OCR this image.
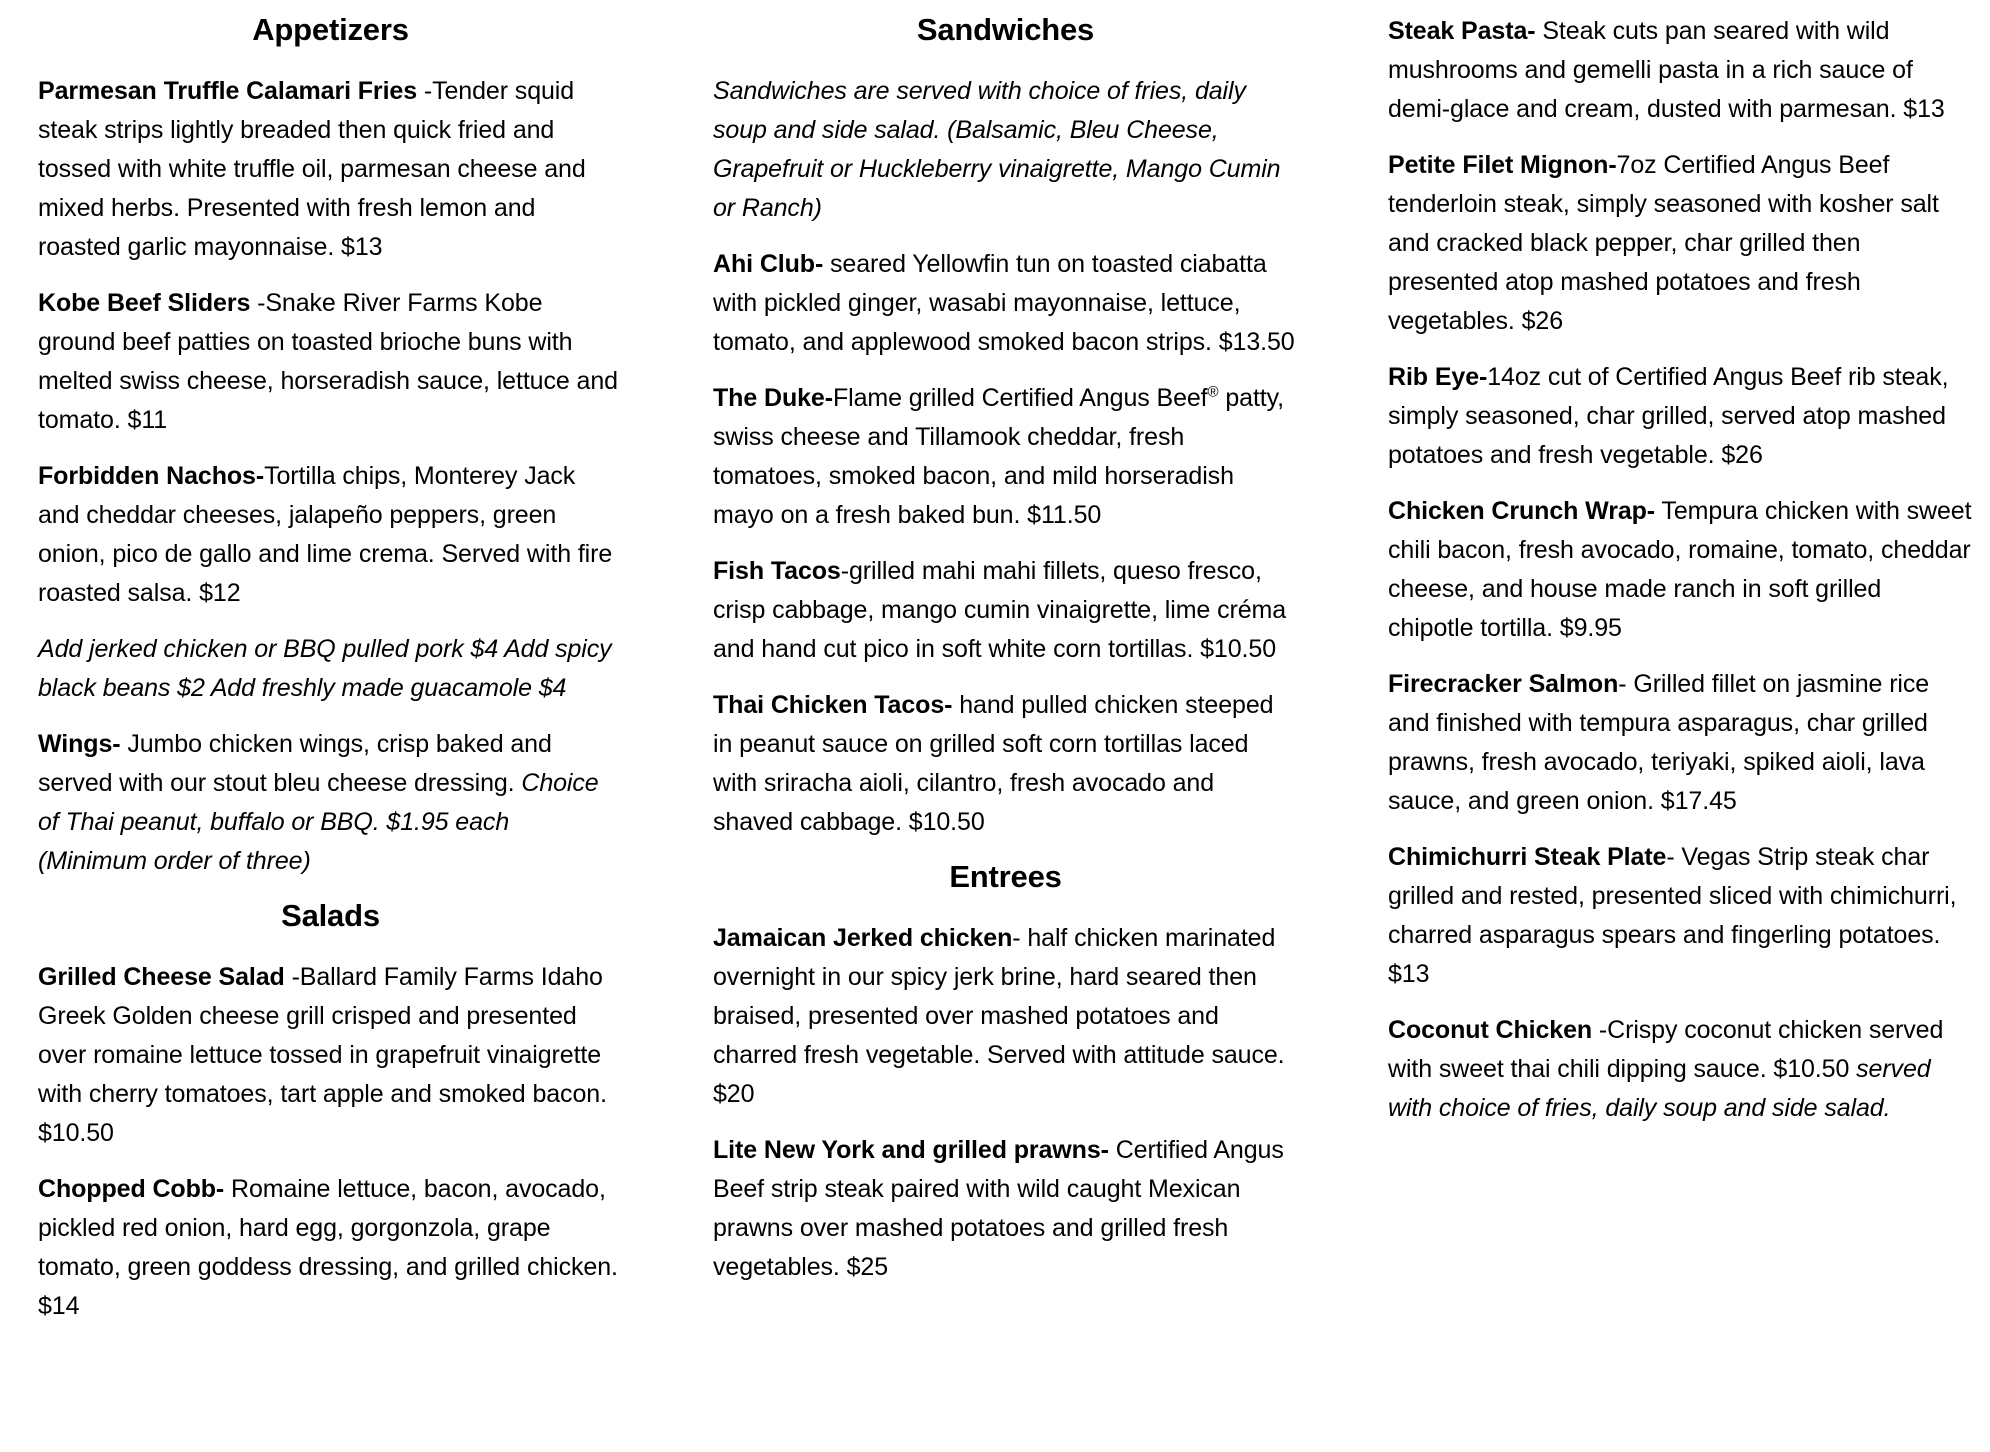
Appetizers

Parmesan Truffle Calamari Fries -Tender squid steak strips lightly breaded then quick fried and tossed with white truffle oil, parmesan cheese and mixed herbs. Presented with fresh lemon and roasted garlic mayonnaise. $13

Kobe Beef Sliders -Snake River Farms Kobe ground beef patties on toasted brioche buns with melted swiss cheese, horseradish sauce, lettuce and tomato. $11

Forbidden Nachos-Tortilla chips, Monterey Jack and cheddar cheeses, jalapeño peppers, green onion, pico de gallo and lime crema. Served with fire roasted salsa. $12

Add jerked chicken or BBQ pulled pork $4 Add spicy black beans $2 Add freshly made guacamole $4

Wings- Jumbo chicken wings, crisp baked and served with our stout bleu cheese dressing. Choice of Thai peanut, buffalo or BBQ. $1.95 each (Minimum order of three)

Salads

Grilled Cheese Salad -Ballard Family Farms Idaho Greek Golden cheese grill crisped and presented over romaine lettuce tossed in grapefruit vinaigrette with cherry tomatoes, tart apple and smoked bacon. $10.50

Chopped Cobb- Romaine lettuce, bacon, avocado, pickled red onion, hard egg, gorgonzola, grape tomato, green goddess dressing, and grilled chicken. $14

Sandwiches

Sandwiches are served with choice of fries, daily soup and side salad. (Balsamic, Bleu Cheese, Grapefruit or Huckleberry vinaigrette, Mango Cumin or Ranch)

Ahi Club- seared Yellowfin tun on toasted ciabatta with pickled ginger, wasabi mayonnaise, lettuce, tomato, and applewood smoked bacon strips. $13.50

The Duke-Flame grilled Certified Angus Beef® patty, swiss cheese and Tillamook cheddar, fresh tomatoes, smoked bacon, and mild horseradish mayo on a fresh baked bun. $11.50

Fish Tacos-grilled mahi mahi fillets, queso fresco, crisp cabbage, mango cumin vinaigrette, lime créma and hand cut pico in soft white corn tortillas. $10.50

Thai Chicken Tacos- hand pulled chicken steeped in peanut sauce on grilled soft corn tortillas laced with sriracha aioli, cilantro, fresh avocado and shaved cabbage. $10.50

Entrees

Jamaican Jerked chicken- half chicken marinated overnight in our spicy jerk brine, hard seared then braised, presented over mashed potatoes and charred fresh vegetable. Served with attitude sauce. $20

Lite New York and grilled prawns- Certified Angus Beef strip steak paired with wild caught Mexican prawns over mashed potatoes and grilled fresh vegetables. $25

Steak Pasta- Steak cuts pan seared with wild mushrooms and gemelli pasta in a rich sauce of demi-glace and cream, dusted with parmesan. $13

Petite Filet Mignon-7oz Certified Angus Beef tenderloin steak, simply seasoned with kosher salt and cracked black pepper, char grilled then presented atop mashed potatoes and fresh vegetables. $26

Rib Eye-14oz cut of Certified Angus Beef rib steak, simply seasoned, char grilled, served atop mashed potatoes and fresh vegetable. $26

Chicken Crunch Wrap- Tempura chicken with sweet chili bacon, fresh avocado, romaine, tomato, cheddar cheese, and house made ranch in soft grilled chipotle tortilla. $9.95

Firecracker Salmon- Grilled fillet on jasmine rice and finished with tempura asparagus, char grilled prawns, fresh avocado, teriyaki, spiked aioli, lava sauce, and green onion. $17.45

Chimichurri Steak Plate- Vegas Strip steak char grilled and rested, presented sliced with chimichurri, charred asparagus spears and fingerling potatoes. $13

Coconut Chicken -Crispy coconut chicken served with sweet thai chili dipping sauce. $10.50 served with choice of fries, daily soup and side salad.
